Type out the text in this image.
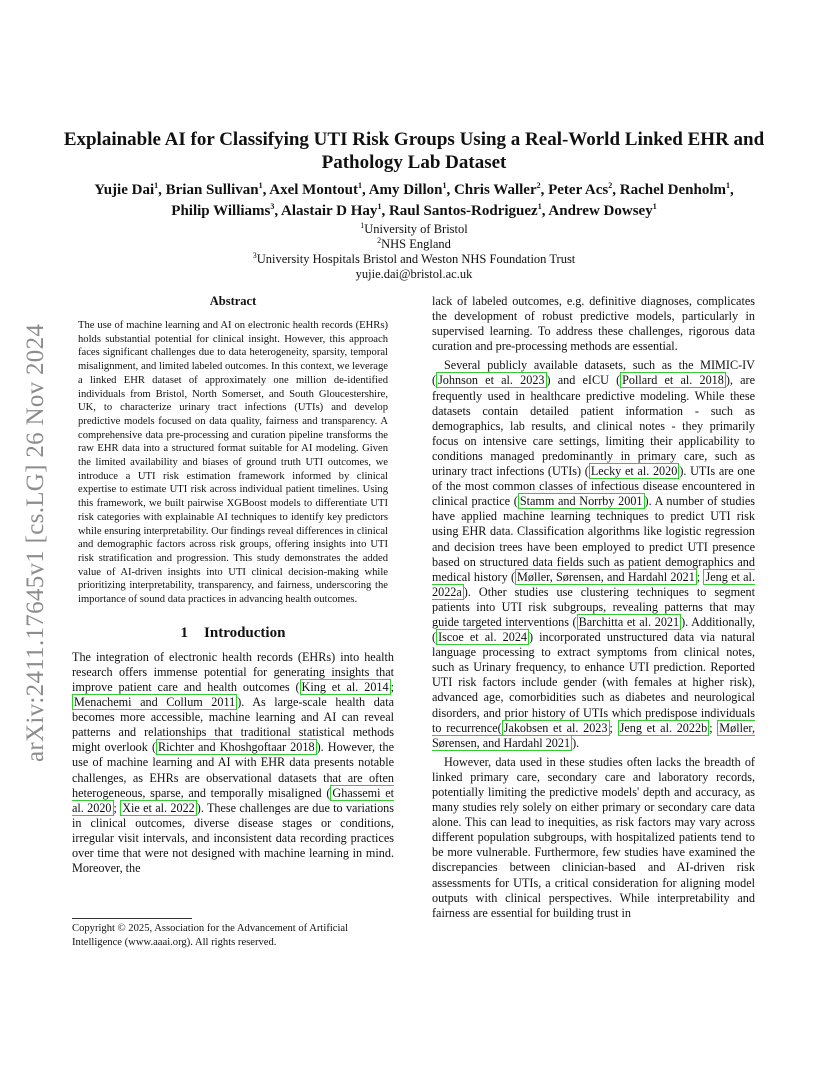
arXiv:2411.17645v1 [cs.LG] 26 Nov 2024
Explainable AI for Classifying UTI Risk Groups Using a Real-World Linked EHR and Pathology Lab Dataset
Yujie Dai$^1$, Brian Sullivan$^1$, Axel Montout$^1$, Amy Dillon$^1$, Chris Waller$^2$, Peter Acs$^2$, Rachel Denholm$^1$, Philip Williams$^3$, Alastair D Hay$^1$, Raul Santos-Rodriguez$^1$, Andrew Dowsey$^1$
$^1$University of Bristol
$^2$NHS England
$^3$University Hospitals Bristol and Weston NHS Foundation Trust
yujie.dai@bristol.ac.uk
Abstract
The use of machine learning and AI on electronic health records (EHRs) holds substantial potential for clinical insight. However, this approach faces significant challenges due to data heterogeneity, sparsity, temporal misalignment, and limited labeled outcomes. In this context, we leverage a linked EHR dataset of approximately one million de-identified individuals from Bristol, North Somerset, and South Gloucestershire, UK, to characterize urinary tract infections (UTIs) and develop predictive models focused on data quality, fairness and transparency. A comprehensive data pre-processing and curation pipeline transforms the raw EHR data into a structured format suitable for AI modeling. Given the limited availability and biases of ground truth UTI outcomes, we introduce a UTI risk estimation framework informed by clinical expertise to estimate UTI risk across individual patient timelines. Using this framework, we built pairwise XGBoost models to differentiate UTI risk categories with explainable AI techniques to identify key predictors while ensuring interpretability. Our findings reveal differences in clinical and demographic factors across risk groups, offering insights into UTI risk stratification and progression. This study demonstrates the added value of AI-driven insights into UTI clinical decision-making while prioritizing interpretability, transparency, and fairness, underscoring the importance of sound data practices in advancing health outcomes.
1 Introduction

The integration of electronic health records (EHRs) into health research offers immense potential for generating insights that improve patient care and health outcomes ( King et al. 2014 ; Menachemi and Collum 2011 ). As large-scale health data becomes more accessible, machine learning and AI can reveal patterns and relationships that traditional statistical methods might overlook ( Richter and Khoshgoftaar 2018 ). However, the use of machine learning and AI with EHR data presents notable challenges, as EHRs are observational datasets that are often heterogeneous, sparse, and temporally misaligned ( Ghassemi et al. 2020 ; Xie et al. 2022 ). These challenges are due to variations in clinical outcomes, diverse disease stages or conditions, irregular visit intervals, and inconsistent data recording practices over time that were not designed with machine learning in mind. Moreover, the

lack of labeled outcomes, e.g. definitive diagnoses, complicates the development of robust predictive models, particularly in supervised learning. To address these challenges, rigorous data curation and pre-processing methods are essential.

Several publicly available datasets, such as the MIMIC-IV ( Johnson et al. 2023 ) and eICU ( Pollard et al. 2018 ), are frequently used in healthcare predictive modeling. While these datasets contain detailed patient information - such as demographics, lab results, and clinical notes - they primarily focus on intensive care settings, limiting their applicability to conditions managed predominantly in primary care, such as urinary tract infections (UTIs) ( Lecky et al. 2020 ). UTIs are one of the most common classes of infectious disease encountered in clinical practice ( Stamm and Norrby 2001 ). A number of studies have applied machine learning techniques to predict UTI risk using EHR data. Classification algorithms like logistic regression and decision trees have been employed to predict UTI presence based on structured data fields such as patient demographics and medical history ( Møller, Sørensen, and Hardahl 2021 ; Jeng et al. 2022a ). Other studies use clustering techniques to segment patients into UTI risk subgroups, revealing patterns that may guide targeted interventions ( Barchitta et al. 2021 ). Additionally, ( Iscoe et al. 2024 ) incorporated unstructured data via natural language processing to extract symptoms from clinical notes, such as Urinary frequency, to enhance UTI prediction. Reported UTI risk factors include gender (with females at higher risk), advanced age, comorbidities such as diabetes and neurological disorders, and prior history of UTIs which predispose individuals to recurrence( Jakobsen et al. 2023 ; Jeng et al. 2022b ; Møller, Sørensen, and Hardahl 2021 ).

However, data used in these studies often lacks the breadth of linked primary care, secondary care and laboratory records, potentially limiting the predictive models' depth and accuracy, as many studies rely solely on either primary or secondary care data alone. This can lead to inequities, as risk factors may vary across different population subgroups, with hospitalized patients tend to be more vulnerable. Furthermore, few studies have examined the discrepancies between clinician-based and AI-driven risk assessments for UTIs, a critical consideration for aligning model outputs with clinical perspectives. While interpretability and fairness are essential for building trust in

Copyright © 2025, Association for the Advancement of Artificial Intelligence (www.aaai.org). All rights reserved.
